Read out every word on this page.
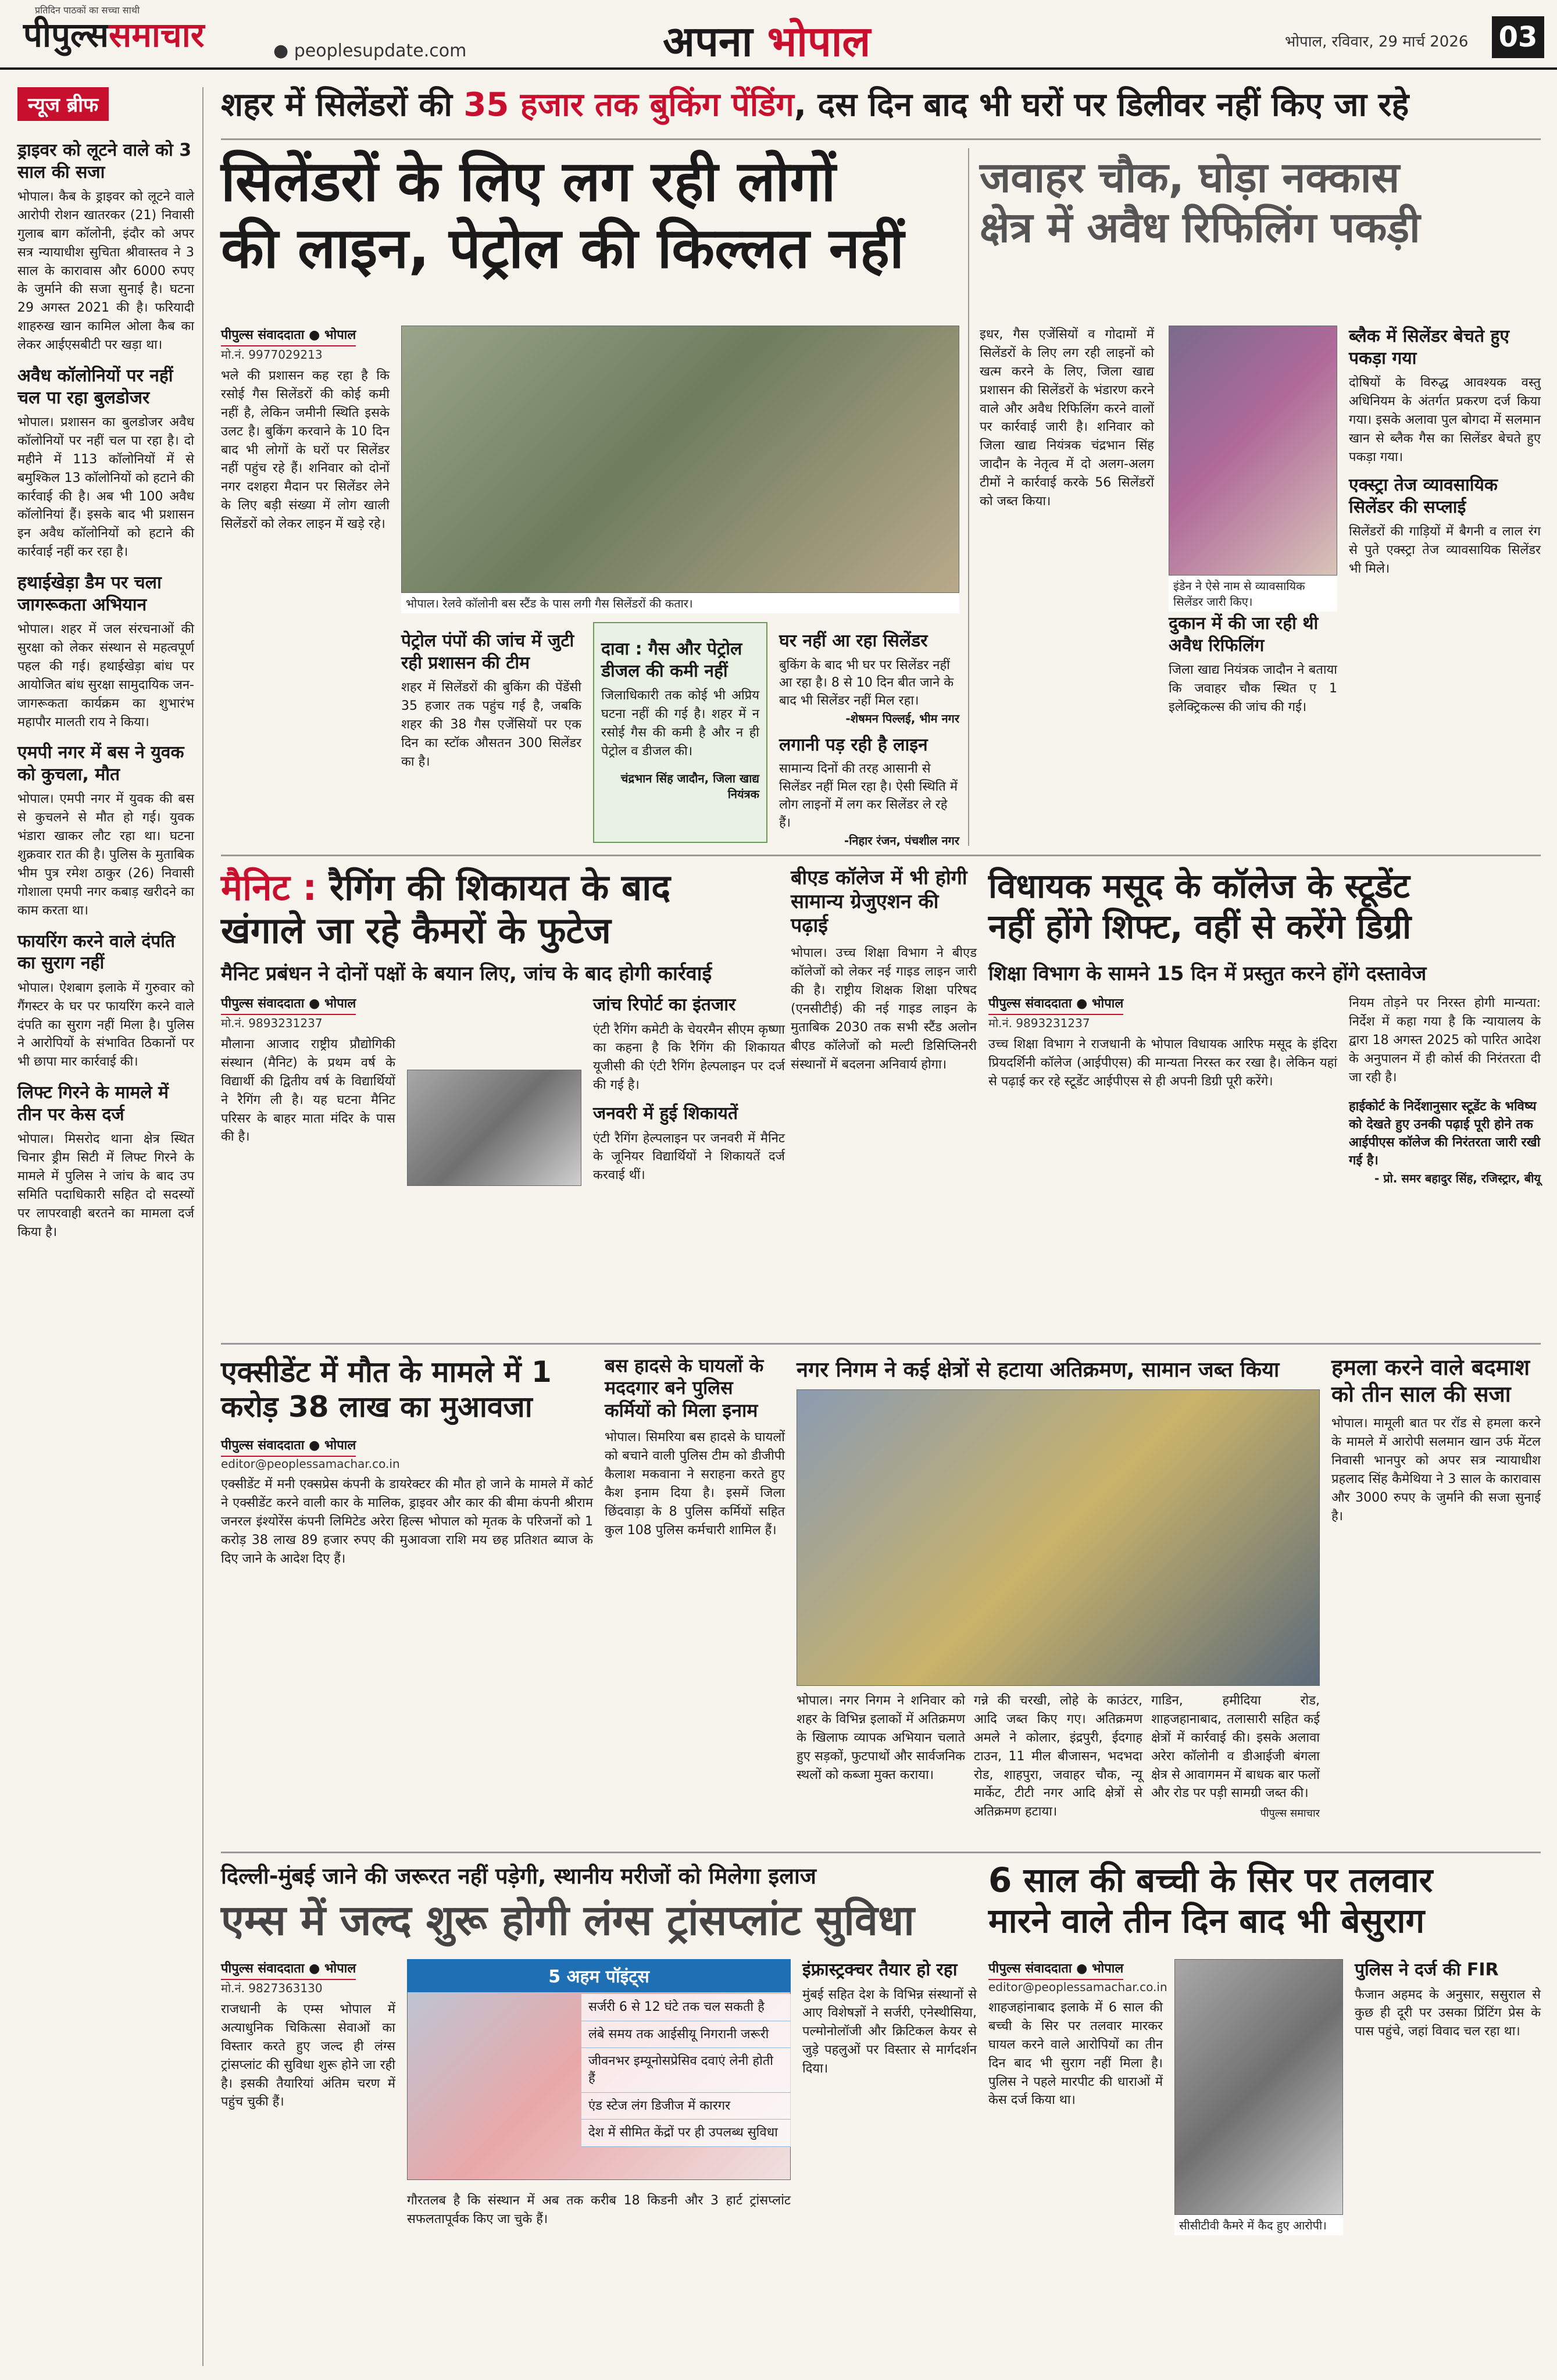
प्रतिदिन पाठकों का सच्चा साथी
पीपुल्ससमाचार	● peoplesupdate.com	अपना भोपाल	भोपाल, रविवार, 29 मार्च 2026 03
न्यूज ब्रीफ
ड्राइवर को लूटने वाले को 3 साल की सजा
भोपाल। कैब के ड्राइवर को लूटने वाले आरोपी रोशन खातरकर (21) निवासी गुलाब बाग कॉलोनी, इंदौर को अपर सत्र न्यायाधीश सुचिता श्रीवास्तव ने 3 साल के कारावास और 6000 रुपए के जुर्माने की सजा सुनाई है। घटना 29 अगस्त 2021 की है। फरियादी शाहरुख खान कामिल ओला कैब का लेकर आईएसबीटी पर खड़ा था।
अवैध कॉलोनियों पर नहीं चल पा रहा बुलडोजर
भोपाल। प्रशासन का बुलडोजर अवैध कॉलोनियों पर नहीं चल पा रहा है। दो महीने में 113 कॉलोनियों में से बमुश्किल 13 कॉलोनियों को हटाने की कार्रवाई की है। अब भी 100 अवैध कॉलोनियां हैं। इसके बाद भी प्रशासन इन अवैध कॉलोनियों को हटाने की कार्रवाई नहीं कर रहा है।
हथाईखेड़ा डैम पर चला जागरूकता अभियान
भोपाल। शहर में जल संरचनाओं की सुरक्षा को लेकर संस्थान से महत्वपूर्ण पहल की गई। हथाईखेड़ा बांध पर आयोजित बांध सुरक्षा सामुदायिक जन-जागरूकता कार्यक्रम का शुभारंभ महापौर मालती राय ने किया।
एमपी नगर में बस ने युवक को कुचला, मौत
भोपाल। एमपी नगर में युवक की बस से कुचलने से मौत हो गई। युवक भंडारा खाकर लौट रहा था। घटना शुक्रवार रात की है। पुलिस के मुताबिक भीम पुत्र रमेश ठाकुर (26) निवासी गोशाला एमपी नगर कबाड़ खरीदने का काम करता था।
फायरिंग करने वाले दंपति का सुराग नहीं
भोपाल। ऐशबाग इलाके में गुरुवार को गैंगस्टर के घर पर फायरिंग करने वाले दंपति का सुराग नहीं मिला है। पुलिस ने आरोपियों के संभावित ठिकानों पर भी छापा मार कार्रवाई की।
लिफ्ट गिरने के मामले में तीन पर केस दर्ज
भोपाल। मिसरोद थाना क्षेत्र स्थित चिनार ड्रीम सिटी में लिफ्ट गिरने के मामले में पुलिस ने जांच के बाद उप समिति पदाधिकारी सहित दो सदस्यों पर लापरवाही बरतने का मामला दर्ज किया है।
शहर में सिलेंडरों की 35 हजार तक बुकिंग पेंडिंग, दस दिन बाद भी घरों पर डिलीवर नहीं किए जा रहे
सिलेंडरों के लिए लग रही लोगों
की लाइन, पेट्रोल की किल्लत नहीं
पीपुल्स संवाददाता ● भोपाल
मो.नं. 9977029213
भले की प्रशासन कह रहा है कि रसोई गैस सिलेंडरों की कोई कमी नहीं है, लेकिन जमीनी स्थिति इसके उलट है। बुकिंग करवाने के 10 दिन बाद भी लोगों के घरों पर सिलेंडर नहीं पहुंच रहे हैं। शनिवार को दोनों नगर दशहरा मैदान पर सिलेंडर लेने के लिए बड़ी संख्या में लोग खाली सिलेंडरों को लेकर लाइन में खड़े रहे।
भोपाल। रेलवे कॉलोनी बस स्टैंड के पास लगी गैस सिलेंडरों की कतार।
पेट्रोल पंपों की जांच में जुटी रही प्रशासन की टीम
शहर में सिलेंडरों की बुकिंग की पेंडेंसी 35 हजार तक पहुंच गई है, जबकि शहर की 38 गैस एजेंसियों पर एक दिन का स्टॉक औसतन 300 सिलेंडर का है।
दावा : गैस और पेट्रोल डीजल की कमी नहीं
जिलाधिकारी तक कोई भी अप्रिय घटना नहीं की गई है। शहर में न रसोई गैस की कमी है और न ही पेट्रोल व डीजल की।
चंद्रभान सिंह जादौन, जिला खाद्य नियंत्रक
घर नहीं आ रहा सिलेंडर
बुकिंग के बाद भी घर पर सिलेंडर नहीं आ रहा है। 8 से 10 दिन बीत जाने के बाद भी सिलेंडर नहीं मिल रहा।
-शेषमन पिल्लई, भीम नगर
लगानी पड़ रही है लाइन
सामान्य दिनों की तरह आसानी से सिलेंडर नहीं मिल रहा है। ऐसी स्थिति में लोग लाइनों में लग कर सिलेंडर ले रहे हैं।
-निहार रंजन, पंचशील नगर
जवाहर चौक, घोड़ा नक्कास
क्षेत्र में अवैध रिफिलिंग पकड़ी
इधर, गैस एजेंसियों व गोदामों में सिलेंडरों के लिए लग रही लाइनों को खत्म करने के लिए, जिला खाद्य प्रशासन की सिलेंडरों के भंडारण करने वाले और अवैध रिफिलिंग करने वालों पर कार्रवाई जारी है। शनिवार को जिला खाद्य नियंत्रक चंद्रभान सिंह जादौन के नेतृत्व में दो अलग-अलग टीमों ने कार्रवाई करके 56 सिलेंडरों को जब्त किया।
इंडेन ने ऐसे नाम से व्यावसायिक सिलेंडर जारी किए।
दुकान में की जा रही थी अवैध रिफिलिंग
जिला खाद्य नियंत्रक जादौन ने बताया कि जवाहर चौक स्थित ए 1 इलेक्ट्रिकल्स की जांच की गई।
ब्लैक में सिलेंडर बेचते हुए पकड़ा गया
दोषियों के विरुद्ध आवश्यक वस्तु अधिनियम के अंतर्गत प्रकरण दर्ज किया गया। इसके अलावा पुल बोगदा में सलमान खान से ब्लैक गैस का सिलेंडर बेचते हुए पकड़ा गया।
एक्स्ट्रा तेज व्यावसायिक सिलेंडर की सप्लाई
सिलेंडरों की गाड़ियों में बैगनी व लाल रंग से पुते एक्स्ट्रा तेज व्यावसायिक सिलेंडर भी मिले।
मैनिट : रैगिंग की शिकायत के बाद
खंगाले जा रहे कैमरों के फुटेज
मैनिट प्रबंधन ने दोनों पक्षों के बयान लिए, जांच के बाद होगी कार्रवाई
पीपुल्स संवाददाता ● भोपाल
मो.नं. 9893231237
मौलाना आजाद राष्ट्रीय प्रौद्योगिकी संस्थान (मैनिट) के प्रथम वर्ष के विद्यार्थी की द्वितीय वर्ष के विद्यार्थियों ने रैगिंग ली है। यह घटना मैनिट परिसर के बाहर माता मंदिर के पास की है।
जांच रिपोर्ट का इंतजार
एंटी रैगिंग कमेटी के चेयरमैन सीएम कृष्णा का कहना है कि रैगिंग की शिकायत यूजीसी की एंटी रैगिंग हेल्पलाइन पर दर्ज की गई है।
जनवरी में हुई शिकायतें
एंटी रैगिंग हेल्पलाइन पर जनवरी में मैनिट के जूनियर विद्यार्थियों ने शिकायतें दर्ज करवाई थीं।
बीएड कॉलेज में भी होगी सामान्य ग्रेजुएशन की पढ़ाई
भोपाल। उच्च शिक्षा विभाग ने बीएड कॉलेजों को लेकर नई गाइड लाइन जारी की है। राष्ट्रीय शिक्षक शिक्षा परिषद (एनसीटीई) की नई गाइड लाइन के मुताबिक 2030 तक सभी स्टैंड अलोन बीएड कॉलेजों को मल्टी डिसिप्लिनरी संस्थानों में बदलना अनिवार्य होगा।
विधायक मसूद के कॉलेज के स्टूडेंट
नहीं होंगे शिफ्ट, वहीं से करेंगे डिग्री
शिक्षा विभाग के सामने 15 दिन में प्रस्तुत करने होंगे दस्तावेज
पीपुल्स संवाददाता ● भोपाल
मो.नं. 9893231237
उच्च शिक्षा विभाग ने राजधानी के भोपाल विधायक आरिफ मसूद के इंदिरा प्रियदर्शिनी कॉलेज (आईपीएस) की मान्यता निरस्त कर रखा है। लेकिन यहां से पढ़ाई कर रहे स्टूडेंट आईपीएस से ही अपनी डिग्री पूरी करेंगे।
नियम तोड़ने पर निरस्त होगी मान्यता: निर्देश में कहा गया है कि न्यायालय के द्वारा 18 अगस्त 2025 को पारित आदेश के अनुपालन में ही कोर्स की निरंतरता दी जा रही है।
हाईकोर्ट के निर्देशानुसार स्टूडेंट के भविष्य को देखते हुए उनकी पढ़ाई पूरी होने तक आईपीएस कॉलेज की निरंतरता जारी रखी गई है।
- प्रो. समर बहादुर सिंह, रजिस्ट्रार, बीयू
एक्सीडेंट में मौत के मामले में 1
करोड़ 38 लाख का मुआवजा
पीपुल्स संवाददाता ● भोपाल
editor@peoplessamachar.co.in
एक्सीडेंट में मनी एक्सप्रेस कंपनी के डायरेक्टर की मौत हो जाने के मामले में कोर्ट ने एक्सीडेंट करने वाली कार के मालिक, ड्राइवर और कार की बीमा कंपनी श्रीराम जनरल इंश्योरेंस कंपनी लिमिटेड अरेरा हिल्स भोपाल को मृतक के परिजनों को 1 करोड़ 38 लाख 89 हजार रुपए की मुआवजा राशि मय छह प्रतिशत ब्याज के दिए जाने के आदेश दिए हैं।
बस हादसे के घायलों के मददगार बने पुलिस कर्मियों को मिला इनाम
भोपाल। सिमरिया बस हादसे के घायलों को बचाने वाली पुलिस टीम को डीजीपी कैलाश मकवाना ने सराहना करते हुए कैश इनाम दिया है। इसमें जिला छिंदवाड़ा के 8 पुलिस कर्मियों सहित कुल 108 पुलिस कर्मचारी शामिल हैं।
नगर निगम ने कई क्षेत्रों से हटाया अतिक्रमण, सामान जब्त किया
भोपाल। नगर निगम ने शनिवार को शहर के विभिन्न इलाकों में अतिक्रमण के खिलाफ व्यापक अभियान चलाते हुए सड़कों, फुटपाथों और सार्वजनिक स्थलों को कब्जा मुक्त कराया।
गन्ने की चरखी, लोहे के काउंटर, आदि जब्त किए गए। अतिक्रमण अमले ने कोलार, इंद्रपुरी, ईदगाह टाउन, 11 मील बीजासन, भदभदा रोड, शाहपुरा, जवाहर चौक, न्यू मार्केट, टीटी नगर आदि क्षेत्रों से अतिक्रमण हटाया।
गाडिन, हमीदिया रोड, शाहजहानाबाद, तलासारी सहित कई क्षेत्रों में कार्रवाई की। इसके अलावा अरेरा कॉलोनी व डीआईजी बंगला क्षेत्र से आवागमन में बाधक बार फलों और रोड पर पड़ी सामग्री जब्त की।
पीपुल्स समाचार
हमला करने वाले बदमाश को तीन साल की सजा
भोपाल। मामूली बात पर रॉड से हमला करने के मामले में आरोपी सलमान खान उर्फ मेंटल निवासी भानपुर को अपर सत्र न्यायाधीश प्रहलाद सिंह कैमेथिया ने 3 साल के कारावास और 3000 रुपए के जुर्माने की सजा सुनाई है।
दिल्ली-मुंबई जाने की जरूरत नहीं पड़ेगी, स्थानीय मरीजों को मिलेगा इलाज
एम्स में जल्द शुरू होगी लंग्स ट्रांसप्लांट सुविधा
पीपुल्स संवाददाता ● भोपाल
मो.नं. 9827363130
राजधानी के एम्स भोपाल में अत्याधुनिक चिकित्सा सेवाओं का विस्तार करते हुए जल्द ही लंग्स ट्रांसप्लांट की सुविधा शुरू होने जा रही है। इसकी तैयारियां अंतिम चरण में पहुंच चुकी हैं।
5 अहम पॉइंट्स
सर्जरी 6 से 12 घंटे तक चल सकती है
लंबे समय तक आईसीयू निगरानी जरूरी
जीवनभर इम्यूनोसप्रेसिव दवाएं लेनी होती हैं
एंड स्टेज लंग डिजीज में कारगर
देश में सीमित केंद्रों पर ही उपलब्ध सुविधा
गौरतलब है कि संस्थान में अब तक करीब 18 किडनी और 3 हार्ट ट्रांसप्लांट सफलतापूर्वक किए जा चुके हैं।
इंफ्रास्ट्रक्चर तैयार हो रहा
मुंबई सहित देश के विभिन्न संस्थानों से आए विशेषज्ञों ने सर्जरी, एनेस्थीसिया, पल्मोनोलॉजी और क्रिटिकल केयर से जुड़े पहलुओं पर विस्तार से मार्गदर्शन दिया।
6 साल की बच्ची के सिर पर तलवार
मारने वाले तीन दिन बाद भी बेसुराग
पीपुल्स संवाददाता ● भोपाल
editor@peoplessamachar.co.in
शाहजहांनाबाद इलाके में 6 साल की बच्ची के सिर पर तलवार मारकर घायल करने वाले आरोपियों का तीन दिन बाद भी सुराग नहीं मिला है। पुलिस ने पहले मारपीट की धाराओं में केस दर्ज किया था।
सीसीटीवी कैमरे में कैद हुए आरोपी।
पुलिस ने दर्ज की FIR
फैजान अहमद के अनुसार, ससुराल से कुछ ही दूरी पर उसका प्रिंटिंग प्रेस के पास पहुंचे, जहां विवाद चल रहा था।
